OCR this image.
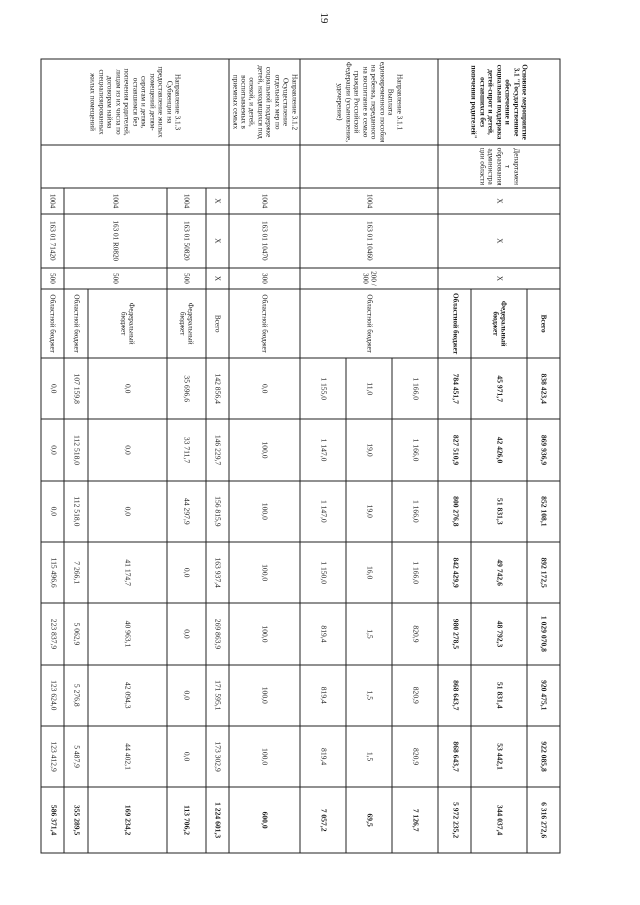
19
Основное мероприятие 3.1 "Государственное обеспечение и социальная поддержка детей-сирот и детей, оставшихся без попечения родителей"	Департамент образования администрации области	Х	Х	Х	Всего	838 423,4	869 936,9	852 108,1	892 172,5	1 029 070,8	920 475,1	922 085,8	6 316 272,6
					Федеральный бюджет	45 971,7	42 426,0	51 831,3	49 742,6	48 792,3	51 831,4	53 442,1	344 037,4
					Областной бюджет	784 451,7	827 510,9	800 276,8	842 429,9	980 278,5	868 643,7	868 643,7	5 972 235,2
Направление 3.1.1 Выплата единовременного пособия на ребенка, переданного на воспитание в семью граждан Российской Федерации (усыновление, удочерение)		1004	163 01 10460	200 / 300	Областной бюджет	1 166,0	1 166,0	1 166,0	1 166,0	820,9	820,9	820,9	7 126,7
						11,0	19,0	19,0	16,0	1,5	1,5	1,5	69,5
						1 155,0	1 147,0	1 147,0	1 150,0	819,4	819,4	819,4	7 057,2
Направление 3.1.2 Осуществление отдельных мер по социальной поддержке детей, находящихся под опекой, и детей, воспитываемых в приемных семьях		1004	163 01 10470	300	Областной бюджет	0,0	100,0	100,0	100,0	100,0	100,0	100,0	600,0
Направление 3.1.3 Субвенции на предоставление жилых помещений детям-сиротам и детям, оставшимся без попечения родителей, лицам из их числа по договорам найма специализированных жилых помещений		Х	Х	Х	Всего	142 856,4	146 229,7	156 815,9	163 937,4	269 863,9	171 595,1	173 302,9	1 224 601,3
		1004	163 01 50820	500	Федеральный бюджет	35 696,6	33 711,7	44 297,9	0,0	0,0	0,0	0,0	113 706,2
		1004	163 01 R0820	500	Федеральный бюджет	0,0	0,0	0,0	41 174,7	40 963,1	42 094,3	44 402,1	169 234,2
					Областной бюджет	107 159,8	112 518,0	112 518,0	7 266,1	5 062,9	5 276,8	5 487,9	355 289,5
		1004	163 01 71420	500	Областной бюджет	0,0	0,0	0,0	115 496,6	223 837,9	123 624,0	123 412,9	586 371,4
